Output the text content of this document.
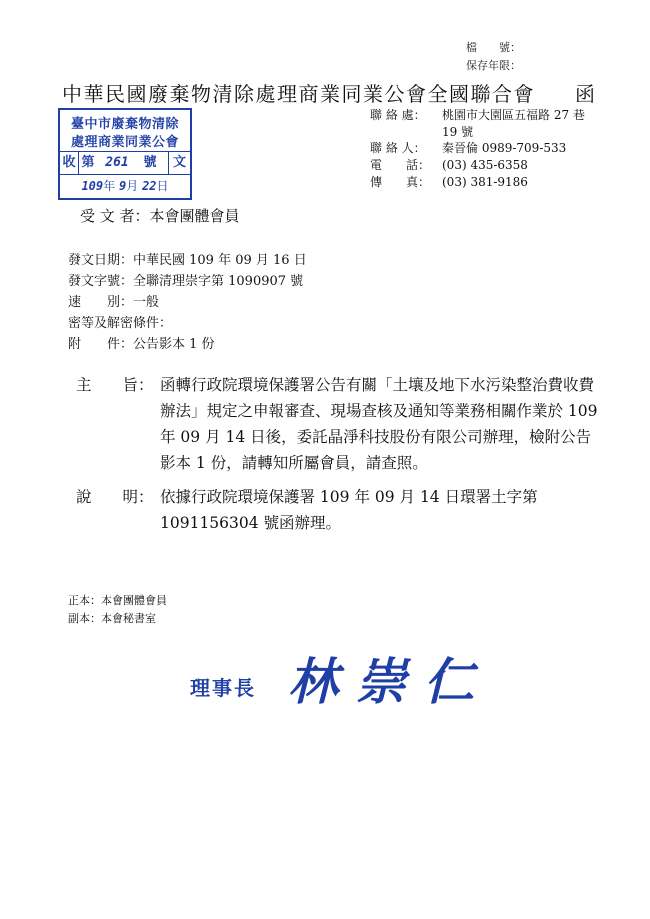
檔　　號：
保存年限：
中華民國廢棄物清除處理商業同業公會全國聯合會 函
臺中市廢棄物清除
處理商業同業公會
收 第 261	號	文
109年 9月 22日
聯 絡 處： 桃園市大園區五福路 27 巷
19 號
聯 絡 人： 秦晉倫 0989-709-533
電　　話： (03) 435-6358
傳　　真： (03) 381-9186
受 文 者：本會團體會員
發文日期：中華民國 109 年 09 月 16 日
發文字號：全聯清理崇字第 1090907 號
速　　別：一般
密等及解密條件：
附　　件：公告影本 1 份
主　　旨： 函轉行政院環境保護署公告有關「土壤及地下水污染整治費收費辦法」規定之申報審查、現場查核及通知等業務相關作業於 109 年 09 月 14 日後，委託晶淨科技股份有限公司辦理，檢附公告影本 1 份，請轉知所屬會員，請查照。
說　　明： 依據行政院環境保護署 109 年 09 月 14 日環署土字第 1091156304 號函辦理。
正本：本會團體會員
副本：本會秘書室
理事長 林崇仁
